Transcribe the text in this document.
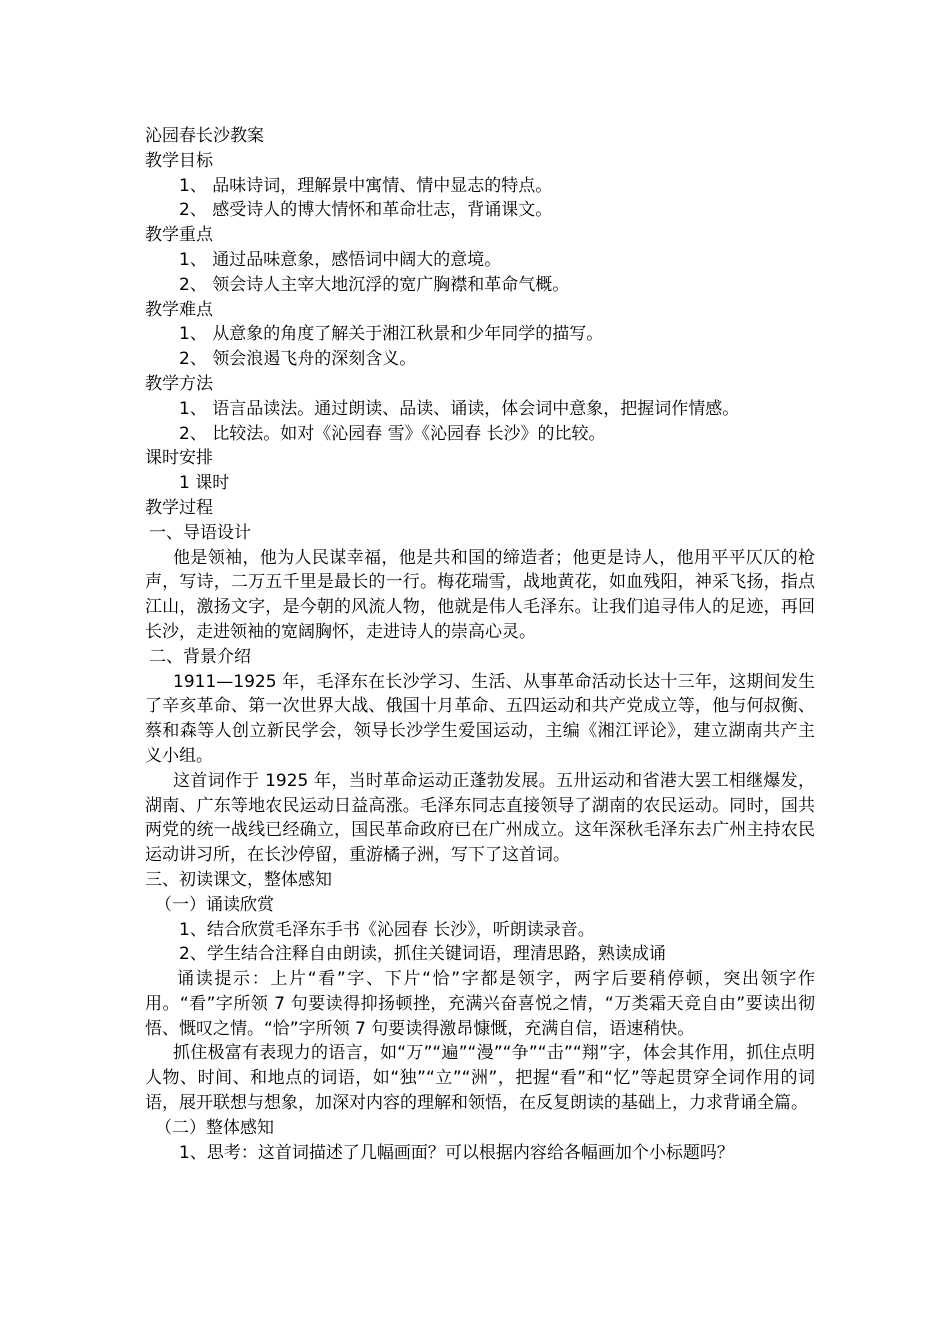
沁园春长沙教案
教学目标
1、 品味诗词，理解景中寓情、情中显志的特点。
2、 感受诗人的博大情怀和革命壮志，背诵课文。
教学重点
1、 通过品味意象，感悟词中阔大的意境。
2、 领会诗人主宰大地沉浮的宽广胸襟和革命气概。
教学难点
1、 从意象的角度了解关于湘江秋景和少年同学的描写。
2、 领会浪遏飞舟的深刻含义。
教学方法
1、 语言品读法。通过朗读、品读、诵读，体会词中意象，把握词作情感。
2、 比较法。如对《沁园春 雪》《沁园春 长沙》的比较。
课时安排
1 课时
教学过程
一、导语设计
他是领袖，他为人民谋幸福，他是共和国的缔造者；他更是诗人，他用平平仄仄的枪声，写诗，二万五千里是最长的一行。梅花瑞雪，战地黄花，如血残阳，神采飞扬，指点江山，激扬文字，是今朝的风流人物，他就是伟人毛泽东。让我们追寻伟人的足迹，再回长沙，走进领袖的宽阔胸怀，走进诗人的崇高心灵。
二、背景介绍
1911—1925 年，毛泽东在长沙学习、生活、从事革命活动长达十三年，这期间发生了辛亥革命、第一次世界大战、俄国十月革命、五四运动和共产党成立等，他与何叔衡、蔡和森等人创立新民学会，领导长沙学生爱国运动，主编《湘江评论》，建立湖南共产主义小组。
这首词作于 1925 年，当时革命运动正蓬勃发展。五卅运动和省港大罢工相继爆发，湖南、广东等地农民运动日益高涨。毛泽东同志直接领导了湖南的农民运动。同时，国共两党的统一战线已经确立，国民革命政府已在广州成立。这年深秋毛泽东去广州主持农民运动讲习所，在长沙停留，重游橘子洲，写下了这首词。
三、初读课文，整体感知
（一）诵读欣赏
1、结合欣赏毛泽东手书《沁园春 长沙》，听朗读录音。
2、学生结合注释自由朗读，抓住关键词语，理清思路，熟读成诵
诵读提示：上片“看”字、下片“恰”字都是领字，两字后要稍停顿，突出领字作用。“看”字所领 7 句要读得抑扬顿挫，充满兴奋喜悦之情，“万类霜天竞自由”要读出彻悟、慨叹之情。“恰”字所领 7 句要读得激昂慷慨，充满自信，语速稍快。
抓住极富有表现力的语言，如“万”“遍”“漫”“争”“击”“翔”字，体会其作用，抓住点明人物、时间、和地点的词语，如“独”“立”“洲”，把握“看”和“忆”等起贯穿全词作用的词语，展开联想与想象，加深对内容的理解和领悟，在反复朗读的基础上，力求背诵全篇。
（二）整体感知
1、思考：这首词描述了几幅画面？可以根据内容给各幅画加个小标题吗？
